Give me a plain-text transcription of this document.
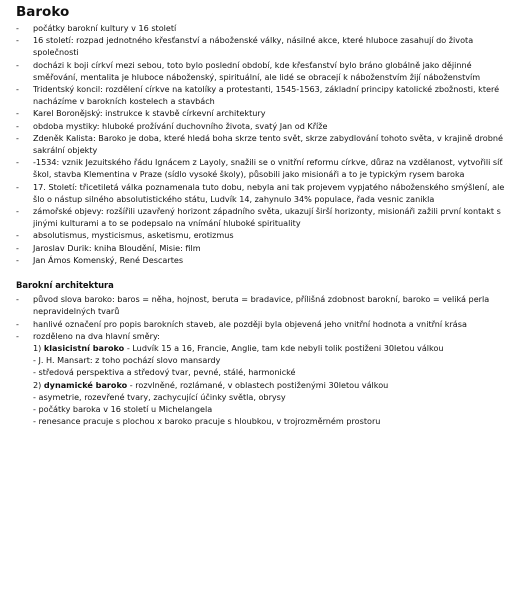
Baroko
- počátky barokní kultury v 16 století
- 16 století: rozpad jednotného křesťanství a náboženské války, násilné akce, které hluboce zasahují do života společnosti
- docházi k boji církví mezi sebou, toto bylo poslední období, kde křesťanství bylo bráno globálně jako dějinné směřování, mentalita je hluboce náboženský, spirituální, ale lidé se obracejí k náboženstvím žijí náboženstvím
- Tridentský koncil: rozdělení církve na katolíky a protestanti, 1545-1563, základní principy katolické zbožnosti, které nacházíme v barokních kostelech a stavbách
- Karel Boronějský: instrukce k stavbě církevní architektury
- obdoba mystiky: hluboké prožívání duchovního života, svatý Jan od Kříže
- Zdeněk Kalista: Baroko je doba, které hledá boha skrze tento svět, skrze zabydlování tohoto světa, v krajině drobné sakrální objekty
- -1534: vznik Jezuitského řádu Ignácem z Layoly, snažili se o vnitřní reformu církve, důraz na vzdělanost, vytvořili síť škol, stavba Klementina v Praze (sídlo vysoké školy), působili jako misionáři a to je typickým rysem baroka
- 17. Století: třicetiletá válka poznamenala tuto dobu, nebyla ani tak projevem vypjatého náboženského smýšlení, ale šlo o nástup silného absolutistického státu, Ludvík 14, zahynulo 34% populace, řada vesnic zanikla
- zámořské objevy: rozšířili uzavřený horizont západního světa, ukazují širší horizonty, misionáři zažili první kontakt s jinými kulturami a to se podepsalo na vnímání hluboké spirituality
- absolutismus, mysticismus, asketismu, erotizmus
- Jaroslav Durik: kniha Bloudění, Misie: film
- Jan Ámos Komenský, René Descartes
Barokní architektura
- původ slova baroko: baros = něha, hojnost, beruta = bradavice, přílišná zdobnost barokní, baroko = veliká perla nepravidelných tvarů
- hanlivé označení pro popis barokních staveb, ale později byla objevená jeho vnitřní hodnota a vnitřní krása
- rozděleno na dva hlavní směry:
1) klasicistní baroko - Ludvík 15 a 16, Francie, Anglie, tam kde nebyli tolik postiženi 30letou válkou
- J. H. Mansart: z toho pochází slovo mansardy
- středová perspektiva a středový tvar, pevné, stálé, harmonické
2) dynamické baroko - rozvlněné, rozlámané, v oblastech postiženými 30letou válkou
- asymetrie, rozevřené tvary, zachycující účinky světla, obrysy
- počátky baroka v 16 století u Michelangela
- renesance pracuje s plochou x baroko pracuje s hloubkou, v trojrozměrném prostoru
